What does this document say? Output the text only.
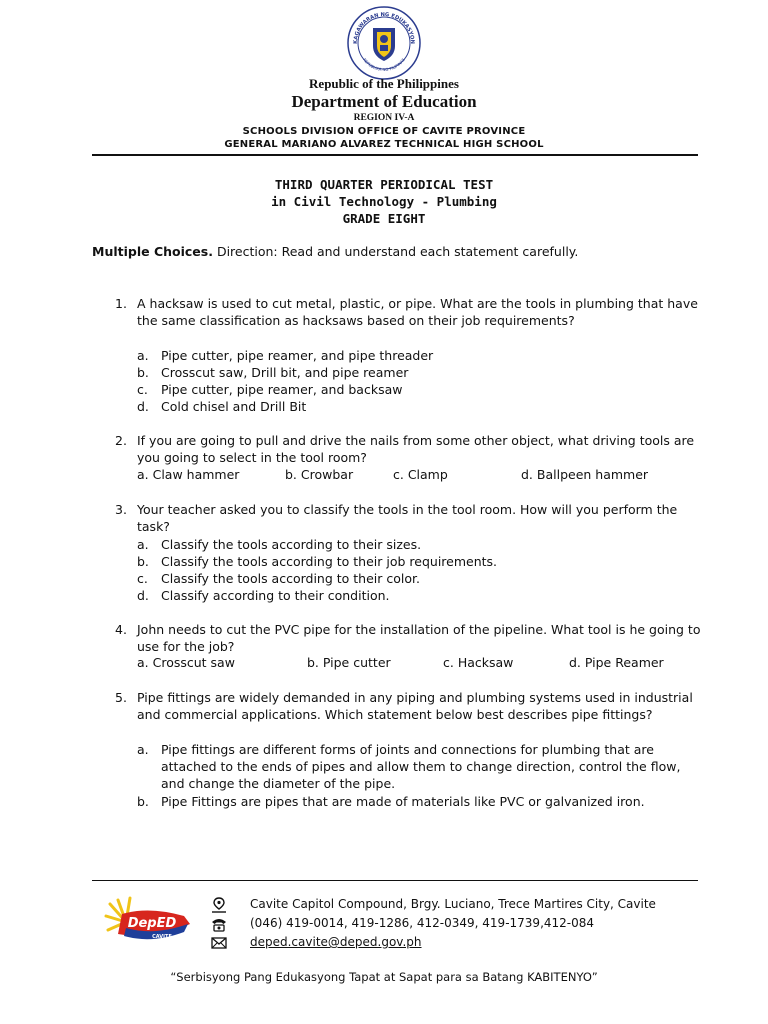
KAGAWARAN NG EDUKASYON
REPUBLIKA NG PILIPINAS
Republic of the Philippines
Department of Education
REGION IV-A
SCHOOLS DIVISION OFFICE OF CAVITE PROVINCE
GENERAL MARIANO ALVAREZ TECHNICAL HIGH SCHOOL
THIRD QUARTER PERIODICAL TEST
in Civil Technology - Plumbing
GRADE EIGHT
Multiple Choices. Direction: Read and understand each statement carefully.
1. A hacksaw is used to cut metal, plastic, or pipe. What are the tools in plumbing that have the same classification as hacksaws based on their job requirements?
a. Pipe cutter, pipe reamer, and pipe threader
b. Crosscut saw, Drill bit, and pipe reamer
c.	Pipe cutter, pipe reamer, and backsaw
d. Cold chisel and Drill Bit
2. If you are going to pull and drive the nails from some other object, what driving tools are you going to select in the tool room?
a. Claw hammer	b. Crowbar	c. Clamp	d. Ballpeen hammer
3. Your teacher asked you to classify the tools in the tool room. How will you perform the task?
a. Classify the tools according to their sizes.
b. Classify the tools according to their job requirements.
c.	Classify the tools according to their color.
d. Classify according to their condition.
4. John needs to cut the PVC pipe for the installation of the pipeline. What tool is he going to use for the job?
a. Crosscut saw	b. Pipe cutter	c. Hacksaw	d. Pipe Reamer
5. Pipe fittings are widely demanded in any piping and plumbing systems used in industrial and commercial applications. Which statement below best describes pipe fittings?
a. Pipe fittings are different forms of joints and connections for plumbing that are attached to the ends of pipes and allow them to change direction, control the flow, and change the diameter of the pipe.
b. Pipe Fittings are pipes that are made of materials like PVC or galvanized iron.
DepED
CAVITE
Cavite Capitol Compound, Brgy. Luciano, Trece Martires City, Cavite
(046) 419-0014, 419-1286, 412-0349, 419-1739,412-084
deped.cavite@deped.gov.ph
“Serbisyong Pang Edukasyong Tapat at Sapat para sa Batang KABITENYO”
